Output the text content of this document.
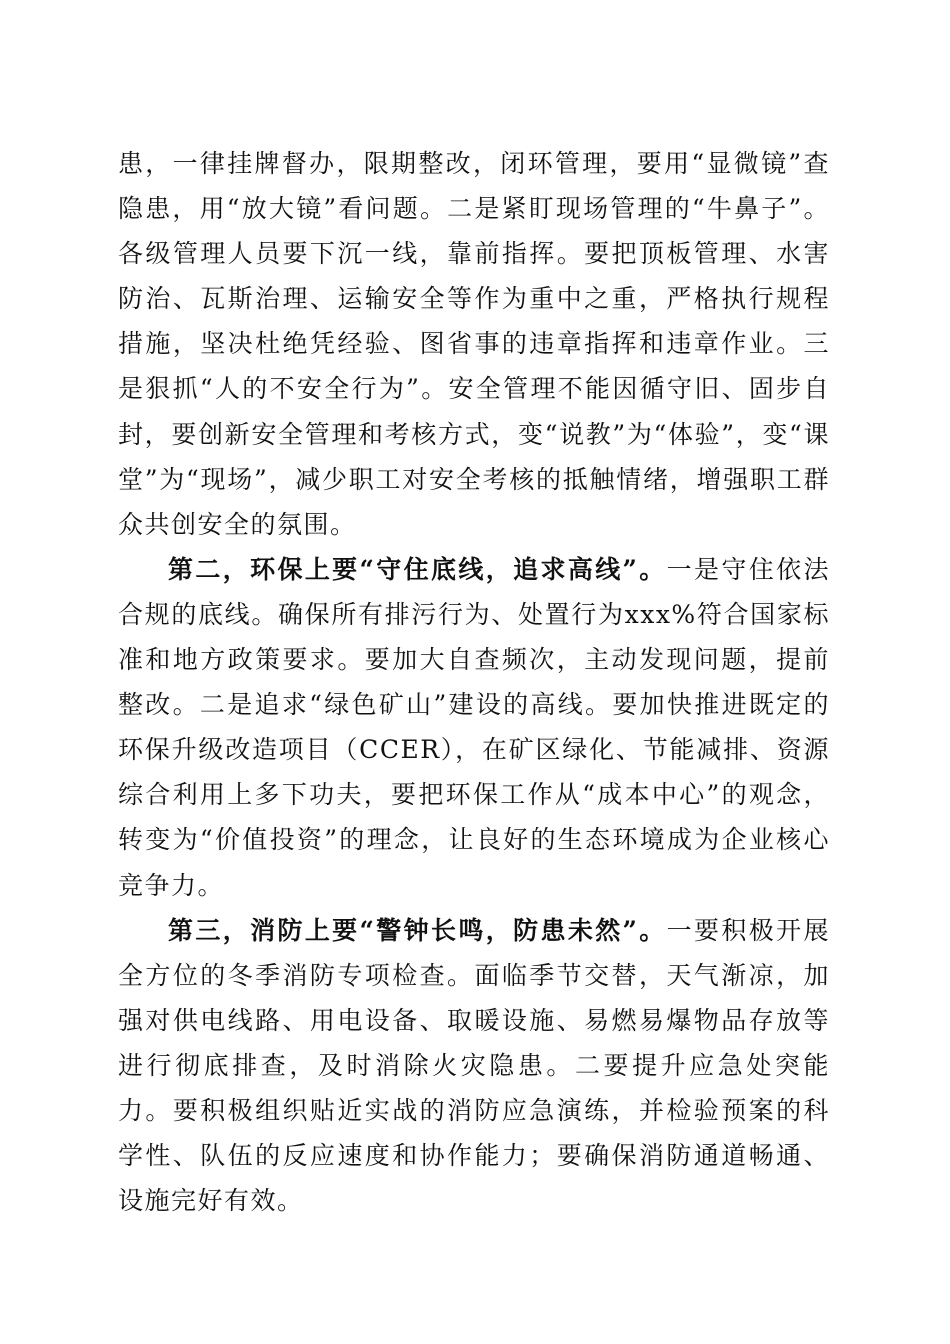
患，一律挂牌督办，限期整改，闭环管理，要用“显微镜”查隐患，用“放大镜”看问题。二是紧盯现场管理的“牛鼻子”。各级管理人员要下沉一线，靠前指挥。要把顶板管理、水害防治、瓦斯治理、运输安全等作为重中之重，严格执行规程措施，坚决杜绝凭经验、图省事的违章指挥和违章作业。三是狠抓“人的不安全行为”。安全管理不能因循守旧、固步自封，要创新安全管理和考核方式，变“说教”为“体验”，变“课堂”为“现场”，减少职工对安全考核的抵触情绪，增强职工群众共创安全的氛围。

第二，环保上要“守住底线，追求高线”。一是守住依法合规的底线。确保所有排污行为、处置行为xxx%符合国家标准和地方政策要求。要加大自查频次，主动发现问题，提前整改。二是追求“绿色矿山”建设的高线。要加快推进既定的环保升级改造项目（CCER），在矿区绿化、节能减排、资源综合利用上多下功夫，要把环保工作从“成本中心”的观念，转变为“价值投资”的理念，让良好的生态环境成为企业核心竞争力。

第三，消防上要“警钟长鸣，防患未然”。一要积极开展全方位的冬季消防专项检查。面临季节交替，天气渐凉，加强对供电线路、用电设备、取暖设施、易燃易爆物品存放等进行彻底排查，及时消除火灾隐患。二要提升应急处突能力。要积极组织贴近实战的消防应急演练，并检验预案的科学性、队伍的反应速度和协作能力；要确保消防通道畅通、设施完好有效。
